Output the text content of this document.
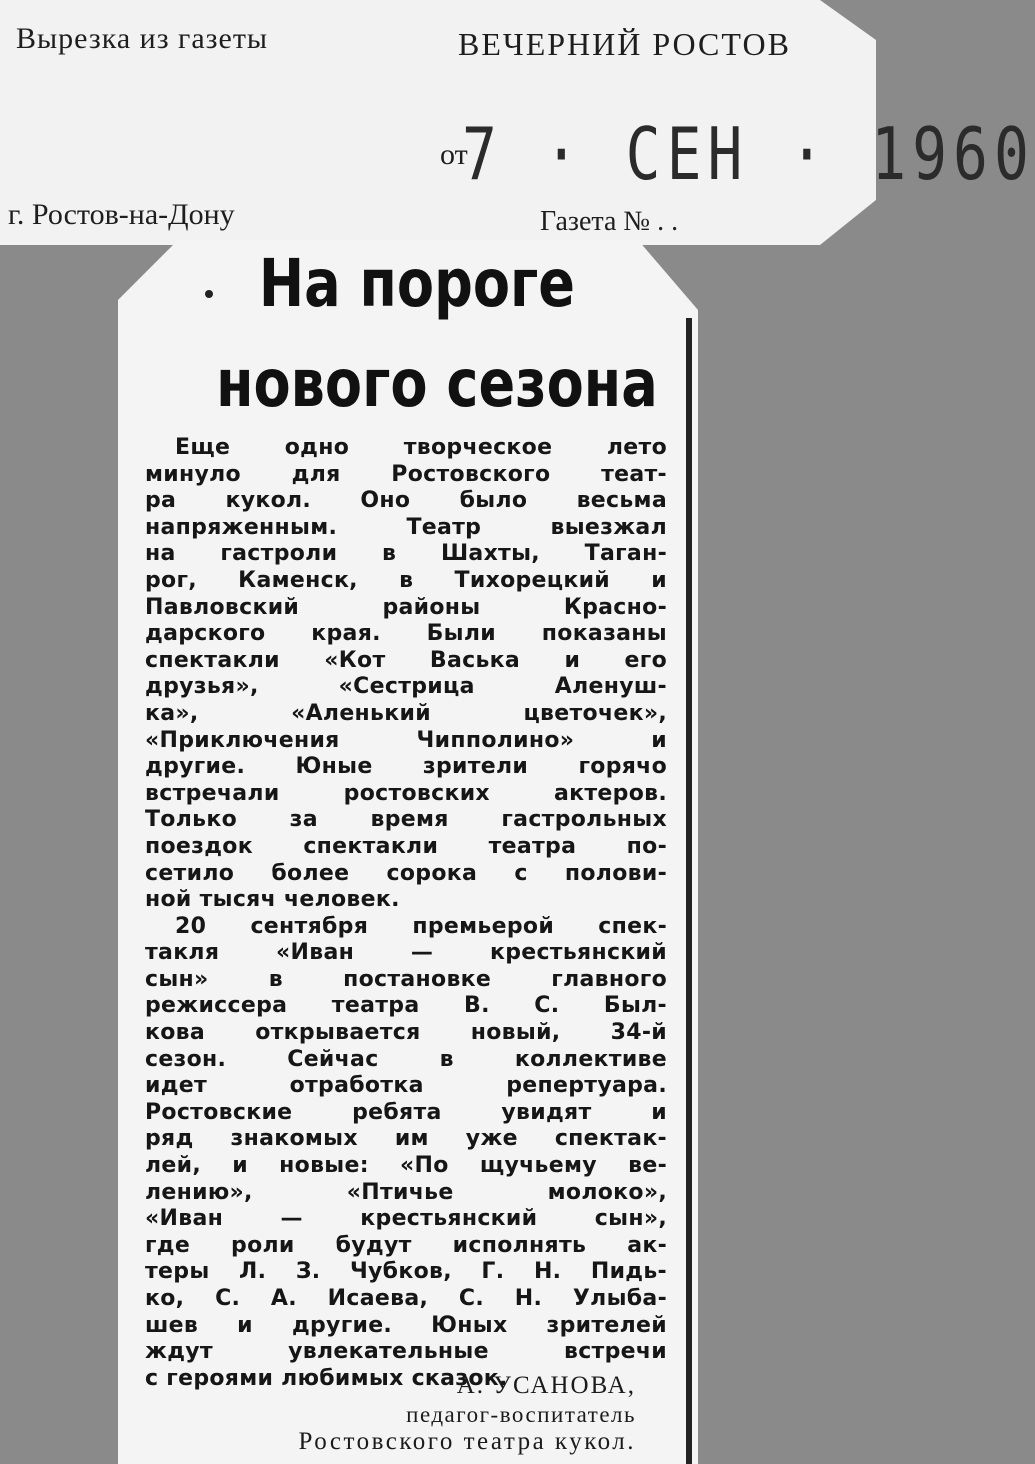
Вырезка из газеты	ВЕЧЕРНИЙ РОСТОВ
от
7 · СЕН · 1960
г. Ростов-на-Дону	Газета № . .
На пороге
нового сезона
Еще одно творческое лето
минуло для Ростовского теат-
ра кукол. Оно было весьма
напряженным. Театр выезжал
на гастроли в Шахты, Таган-
рог, Каменск, в Тихорецкий и
Павловский районы Красно-
дарского края. Были показаны
спектакли «Кот Васька и его
друзья», «Сестрица Аленуш-
ка», «Аленький цветочек»,
«Приключения Чипполино» и
другие. Юные зрители горячо
встречали ростовских актеров.
Только за время гастрольных
поездок спектакли театра по-
сетило более сорока с полови-
ной тысяч человек.
20 сентября премьерой спек-
такля «Иван — крестьянский
сын» в постановке главного
режиссера театра В. С. Был-
кова открывается новый, 34-й
сезон. Сейчас в коллективе
идет отработка репертуара.
Ростовские ребята увидят и
ряд знакомых им уже спектак-
лей, и новые: «По щучьему ве-
лению», «Птичье молоко»,
«Иван — крестьянский сын»,
где роли будут исполнять ак-
теры Л. З. Чубков, Г. Н. Пидь-
ко, С. А. Исаева, С. Н. Улыба-
шев и другие. Юных зрителей
ждут увлекательные встречи
с героями любимых сказок.
А. УСАНОВА,
педагог-воспитатель
Ростовского театра кукол.
